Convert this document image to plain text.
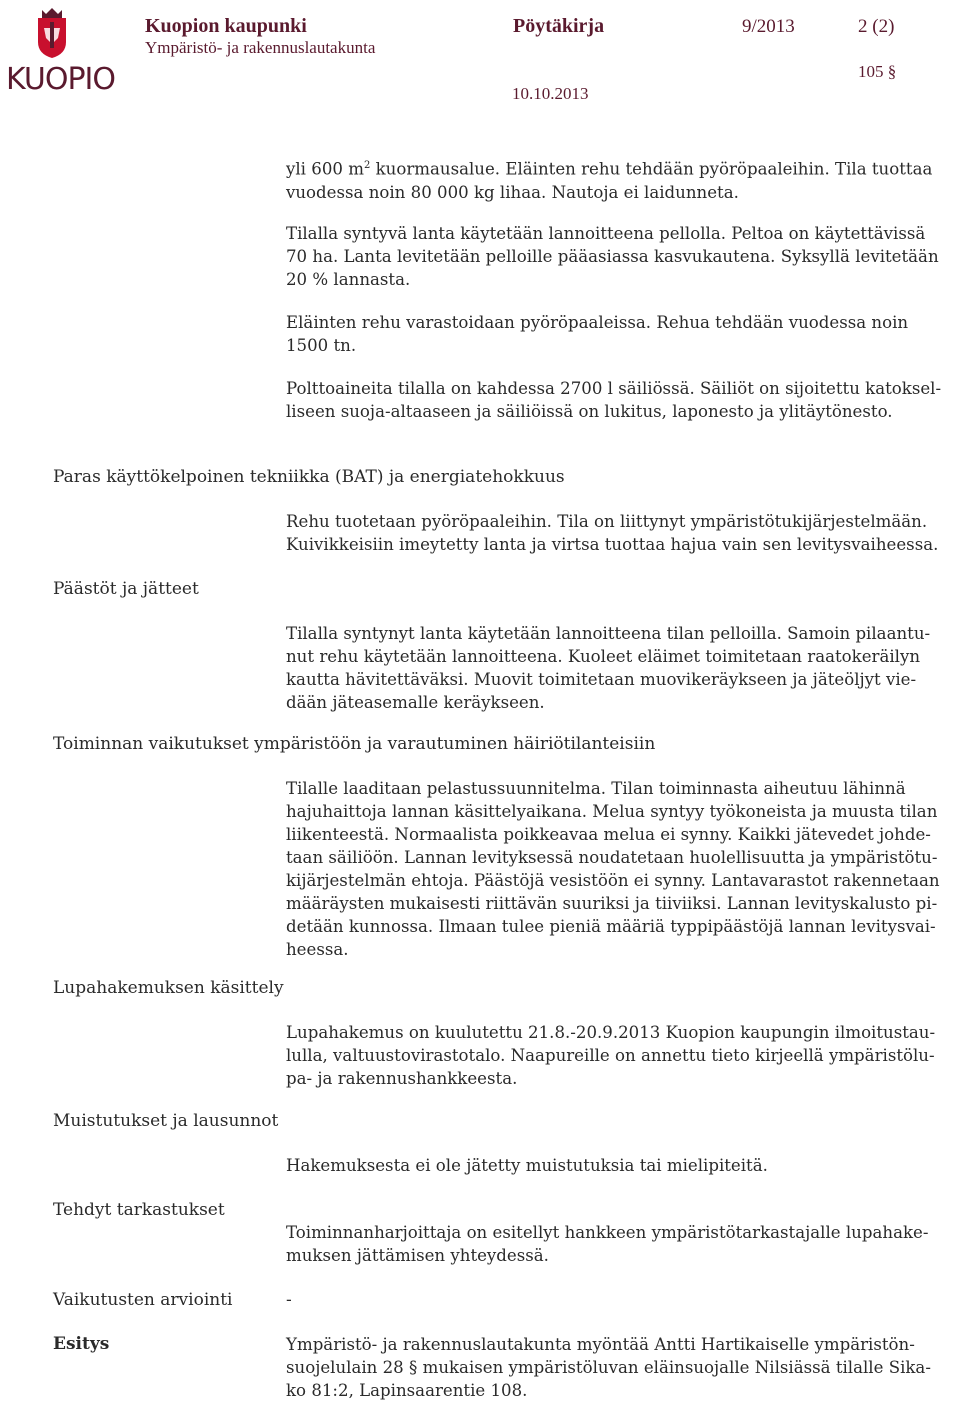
KUOPIO
Kuopion kaupunki
Ympäristö- ja rakennuslautakunta
Pöytäkirja	9/2013	2 (2)
105 §
10.10.2013

yli 600 $m^2$ kuormausalue. Eläinten rehu tehdään pyöröpaaleihin. Tila tuottaa
vuodessa noin 80 000 kg lihaa. Nautoja ei laidunneta.

Tilalla syntyvä lanta käytetään lannoitteena pellolla. Peltoa on käytettävissä
70 ha. Lanta levitetään pelloille pääasiassa kasvukautena. Syksyllä levitetään
20 % lannasta.

Eläinten rehu varastoidaan pyöröpaaleissa. Rehua tehdään vuodessa noin
1500 tn.

Polttoaineita tilalla on kahdessa 2700 l säiliössä. Säiliöt on sijoitettu katoksel-
liseen suoja-altaaseen ja säiliöissä on lukitus, laponesto ja ylitäytönesto.

Paras käyttökelpoinen tekniikka (BAT) ja energiatehokkuus

Rehu tuotetaan pyöröpaaleihin. Tila on liittynyt ympäristötukijärjestelmään.
Kuivikkeisiin imeytetty lanta ja virtsa tuottaa hajua vain sen levitysvaiheessa.

Päästöt ja jätteet

Tilalla syntynyt lanta käytetään lannoitteena tilan pelloilla. Samoin pilaantu-
nut rehu käytetään lannoitteena. Kuoleet eläimet toimitetaan raatokeräilyn
kautta hävitettäväksi. Muovit toimitetaan muovikeräykseen ja jäteöljyt vie-
dään jäteasemalle keräykseen.

Toiminnan vaikutukset ympäristöön ja varautuminen häiriötilanteisiin

Tilalle laaditaan pelastussuunnitelma. Tilan toiminnasta aiheutuu lähinnä
hajuhaittoja lannan käsittelyaikana. Melua syntyy työkoneista ja muusta tilan
liikenteestä. Normaalista poikkeavaa melua ei synny. Kaikki jätevedet johde-
taan säiliöön. Lannan levityksessä noudatetaan huolellisuutta ja ympäristötu-
kijärjestelmän ehtoja. Päästöjä vesistöön ei synny. Lantavarastot rakennetaan
määräysten mukaisesti riittävän suuriksi ja tiiviiksi. Lannan levityskalusto pi-
detään kunnossa. Ilmaan tulee pieniä määriä typpipäästöjä lannan levitysvai-
heessa.

Lupahakemuksen käsittely

Lupahakemus on kuulutettu 21.8.-20.9.2013 Kuopion kaupungin ilmoitustau-
lulla, valtuustovirastotalo. Naapureille on annettu tieto kirjeellä ympäristölu-
pa- ja rakennushankkeesta.

Muistutukset ja lausunnot

Hakemuksesta ei ole jätetty muistutuksia tai mielipiteitä.

Tehdyt tarkastukset

Toiminnanharjoittaja on esitellyt hankkeen ympäristötarkastajalle lupahake-
muksen jättämisen yhteydessä.

Vaikutusten arviointi	-
Esitys	Ympäristö- ja rakennuslautakunta myöntää Antti Hartikaiselle ympäristön-
suojelulain 28 § mukaisen ympäristöluvan eläinsuojalle Nilsiässä tilalle Sika-
ko 81:2, Lapinsaarentie 108.
